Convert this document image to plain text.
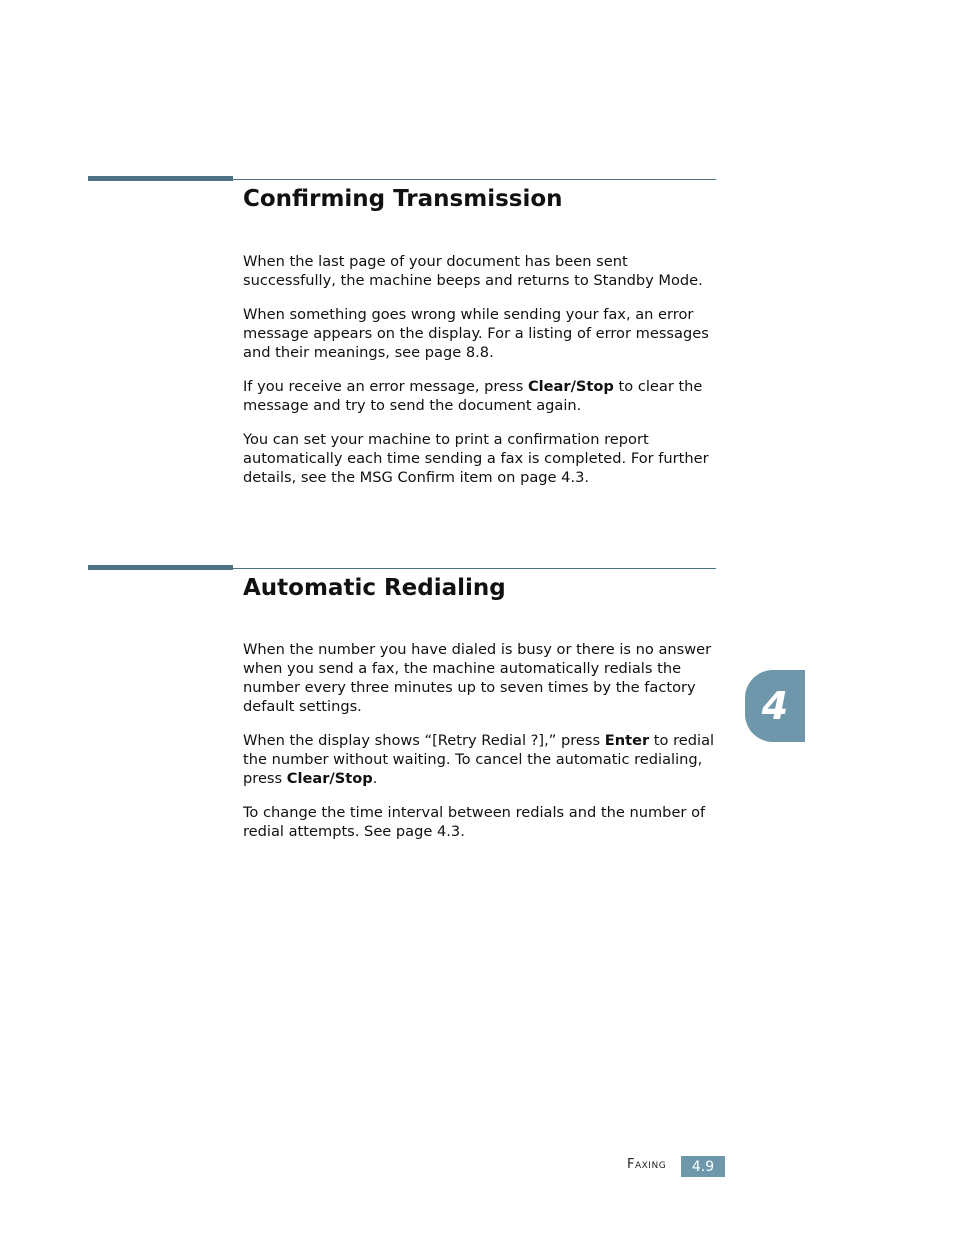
Confirming Transmission

When the last page of your document has been sent successfully, the machine beeps and returns to Standby Mode.

When something goes wrong while sending your fax, an error message appears on the display. For a listing of error messages and their meanings, see page 8.8.

If you receive an error message, press Clear/Stop to clear the message and try to send the document again.

You can set your machine to print a confirmation report automatically each time sending a fax is completed. For further details, see the MSG Confirm item on page 4.3.

Automatic Redialing

When the number you have dialed is busy or there is no answer when you send a fax, the machine automatically redials the number every three minutes up to seven times by the factory default settings.

When the display shows “[Retry Redial ?],” press Enter to redial the number without waiting. To cancel the automatic redialing, press Clear/Stop.

To change the time interval between redials and the number of redial attempts. See page 4.3.

4
Faxing	4.9
